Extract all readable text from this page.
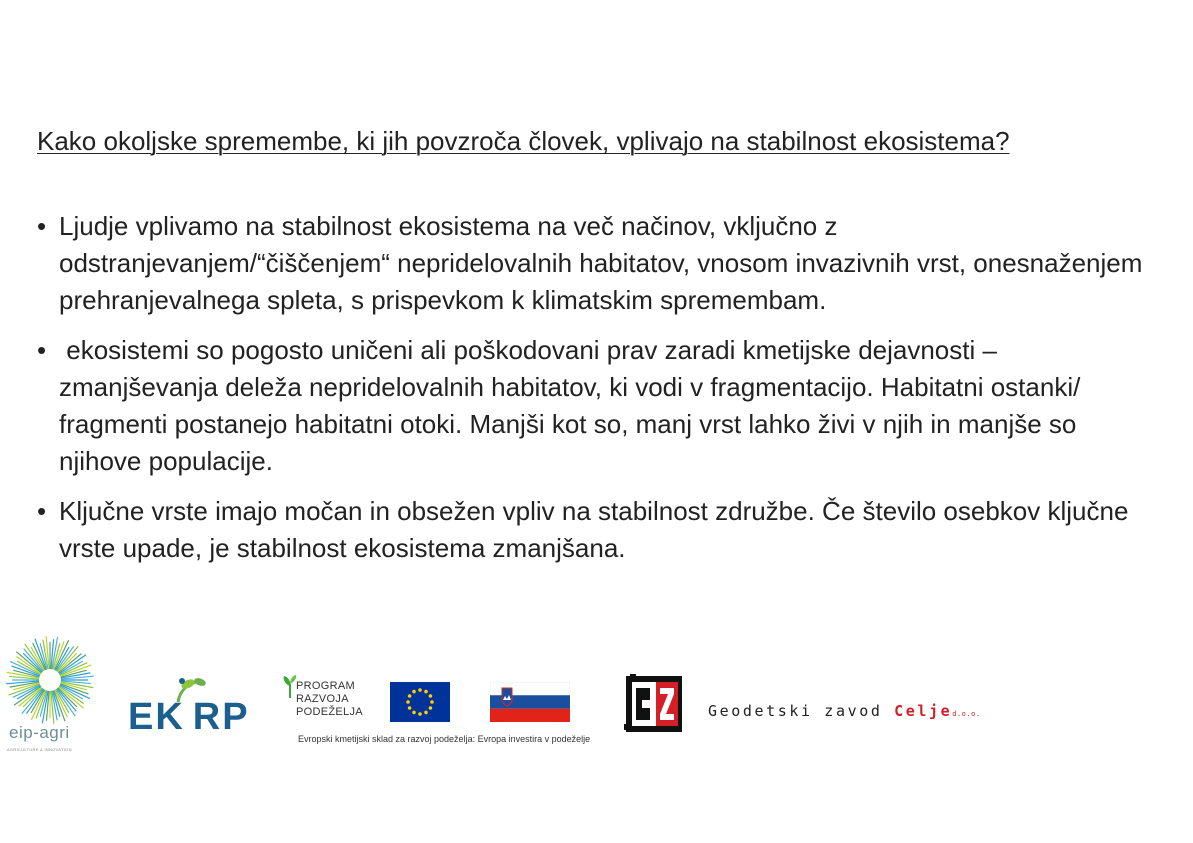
Kako okoljske spremembe, ki jih povzroča človek, vplivajo na stabilnost ekosistema?
• Ljudje vplivamo na stabilnost ekosistema na več načinov, vključno z odstranjevanjem/“čiščenjem“ nepridelovalnih habitatov, vnosom invazivnih vrst, onesnaženjem prehranjevalnega spleta, s prispevkom k klimatskim spremembam.
• ekosistemi so pogosto uničeni ali poškodovani prav zaradi kmetijske dejavnosti – zmanjševanja deleža nepridelovalnih habitatov, ki vodi v fragmentacijo. Habitatni ostanki/ fragmenti postanejo habitatni otoki. Manjši kot so, manj vrst lahko živi v njih in manjše so njihove populacije.
• Ključne vrste imajo močan in obsežen vpliv na stabilnost združbe. Če število osebkov ključne vrste upade, je stabilnost ekosistema zmanjšana.
eip-agri
AGRICULTURE & INNOVATION
EK RP
PROGRAM
RAZVOJA
PODEŽELJA
Evropski kmetijski sklad za razvoj podeželja: Evropa investira v podeželje
Geodetski zavod Celjed.o.o.
